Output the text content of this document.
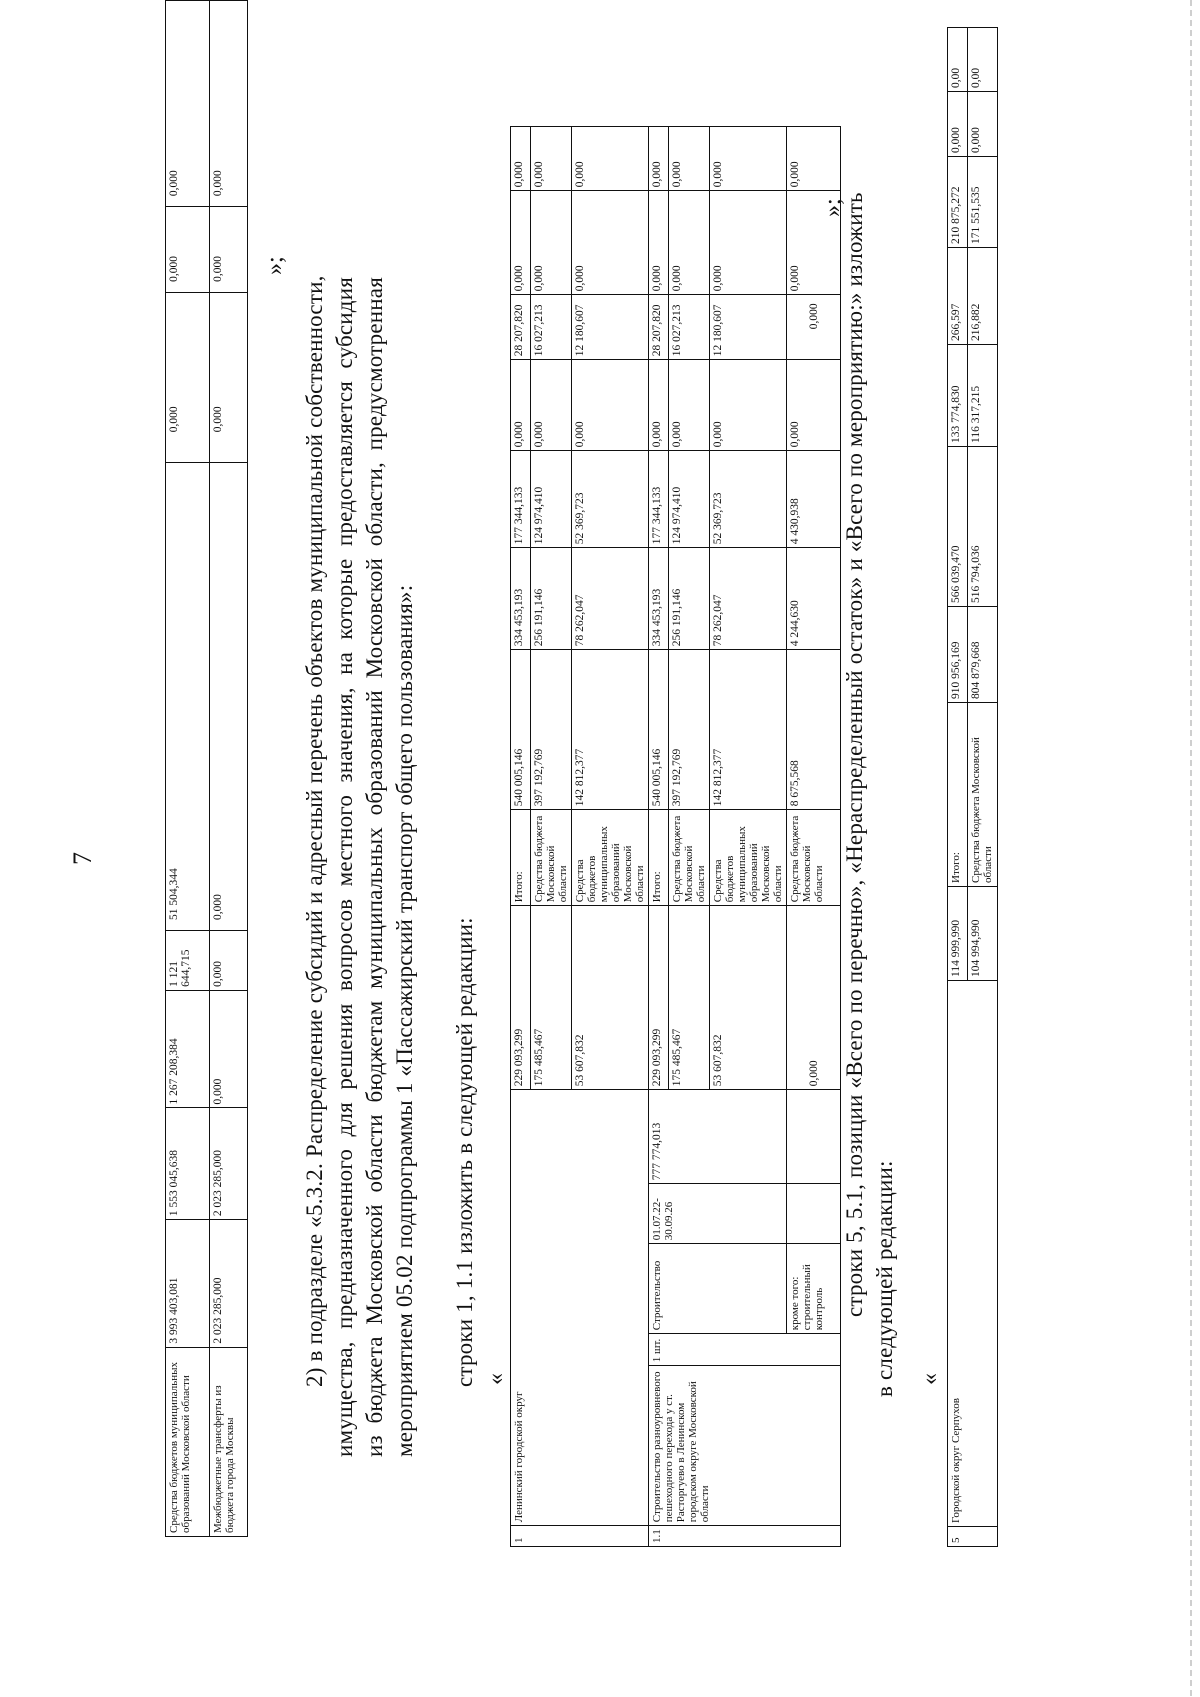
7
Средства бюджетов муниципальных образований Московской области	3 993 403,081	1 553 045,638	1 267 208,384	1 121 644,715	51 504,344	0,000	0,000	0,000
Межбюджетные трансферты из бюджета города Москвы	2 023 285,000	2 023 285,000	0,000	0,000	0,000	0,000	0,000	0,000
»;
2) в подразделе «5.3.2. Распределение субсидий и адресный перечень объектов муниципальной собственности, имущества, предназначенного для решения вопросов местного значения, на которые предоставляется субсидия из бюджета Московской области бюджетам муниципальных образований Московской области, предусмотренная мероприятием 05.02 подпрограммы 1 «Пассажирский транспорт общего пользования»: строки 1, 1.1 изложить в следующей редакции: «
1	Ленинский городской округ					229 093,299	Итого:	540 005,146	334 453,193	177 344,133	0,000	28 207,820	0,000	0,000
						175 485,467	Средства бюджета Московской области	397 192,769	256 191,146	124 974,410	0,000	16 027,213	0,000	0,000
						53 607,832	Средства бюджетов муниципальных образований Московской области	142 812,377	78 262,047	52 369,723	0,000	12 180,607	0,000	0,000
1.1	Строительство разноуровневого пешеходного перехода у ст. Расторгуево в Ленинском городском округе Московской области	1 шт.	Строительство	01.07.22-30.09.26	777 774,013	229 093,299	Итого:	540 005,146	334 453,193	177 344,133	0,000	28 207,820	0,000	0,000
						175 485,467	Средства бюджета Московской области	397 192,769	256 191,146	124 974,410	0,000	16 027,213	0,000	0,000
						53 607,832	Средства бюджетов муниципальных образований Московской области	142 812,377	78 262,047	52 369,723	0,000	12 180,607	0,000	0,000
			кроме того: строительный контроль			0,000	Средства бюджета Московской области	8 675,568	4 244,630	4 430,938	0,000	0,000	0,000	0,000
»;
строки 5, 5.1, позиции «Всего по перечню», «Нераспределенный остаток» и «Всего по мероприятию:» изложить в следующей редакции: «
5	Городской округ Серпухов	114 999,990	Итого:	910 956,169	566 039,470	133 774,830	266,597	210 875,272	0,000	0,00
		104 994,990	Средства бюджета Московской области	804 879,668	516 794,036	116 317,215	216,882	171 551,535	0,000	0,00
